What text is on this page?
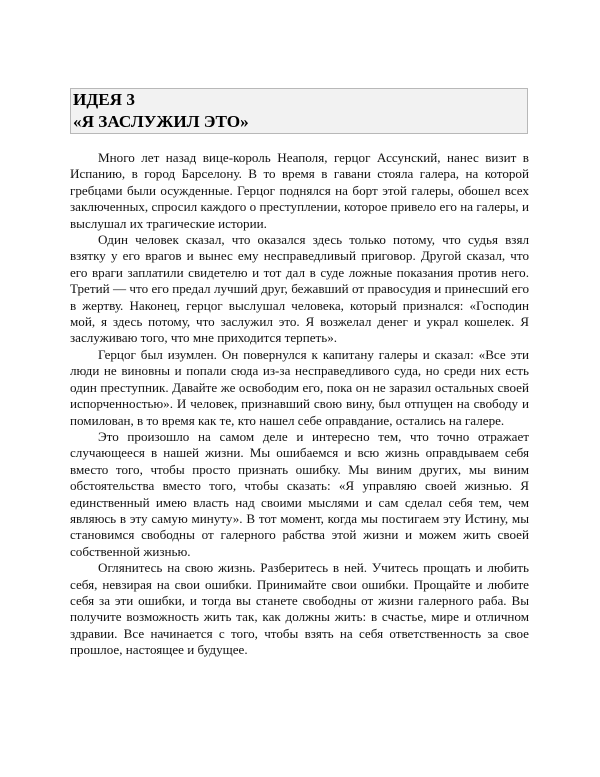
ИДЕЯ 3
«Я ЗАСЛУЖИЛ ЭТО»

Много лет назад вице-король Неаполя, герцог Ассунский, нанес визит в Испанию, в город Барселону. В то время в гавани стояла галера, на которой гребцами были осужденные. Герцог поднялся на борт этой галеры, обошел всех заключенных, спросил каждого о преступлении, которое привело его на галеры, и выслушал их трагические истории.

Один человек сказал, что оказался здесь только потому, что судья взял взятку у его врагов и вынес ему несправедливый приговор. Другой сказал, что его враги заплатили свидетелю и тот дал в суде ложные показания против него. Третий — что его предал лучший друг, бежавший от правосудия и принесший его в жертву. Наконец, герцог выслушал человека, который признался: «Господин мой, я здесь потому, что заслужил это. Я возжелал денег и украл кошелек. Я заслуживаю того, что мне приходится терпеть».

Герцог был изумлен. Он повернулся к капитану галеры и сказал: «Все эти люди не виновны и попали сюда из-за несправедливого суда, но среди них есть один преступник. Давайте же освободим его, пока он не заразил остальных своей испорченностью». И человек, признавший свою вину, был отпущен на свободу и помилован, в то время как те, кто нашел себе оправдание, остались на галере.

Это произошло на самом деле и интересно тем, что точно отражает случающееся в нашей жизни. Мы ошибаемся и всю жизнь оправдываем себя вместо того, чтобы просто признать ошибку. Мы виним других, мы виним обстоятельства вместо того, чтобы сказать: «Я управляю своей жизнью. Я единственный имею власть над своими мыслями и сам сделал себя тем, чем являюсь в эту самую минуту». В тот момент, когда мы постигаем эту Истину, мы становимся свободны от галерного рабства этой жизни и можем жить своей собственной жизнью.

Оглянитесь на свою жизнь. Разберитесь в ней. Учитесь прощать и любить себя, невзирая на свои ошибки. Принимайте свои ошибки. Прощайте и любите себя за эти ошибки, и тогда вы станете свободны от жизни галерного раба. Вы получите возможность жить так, как должны жить: в счастье, мире и отличном здравии. Все начинается с того, чтобы взять на себя ответственность за свое прошлое, настоящее и будущее.
